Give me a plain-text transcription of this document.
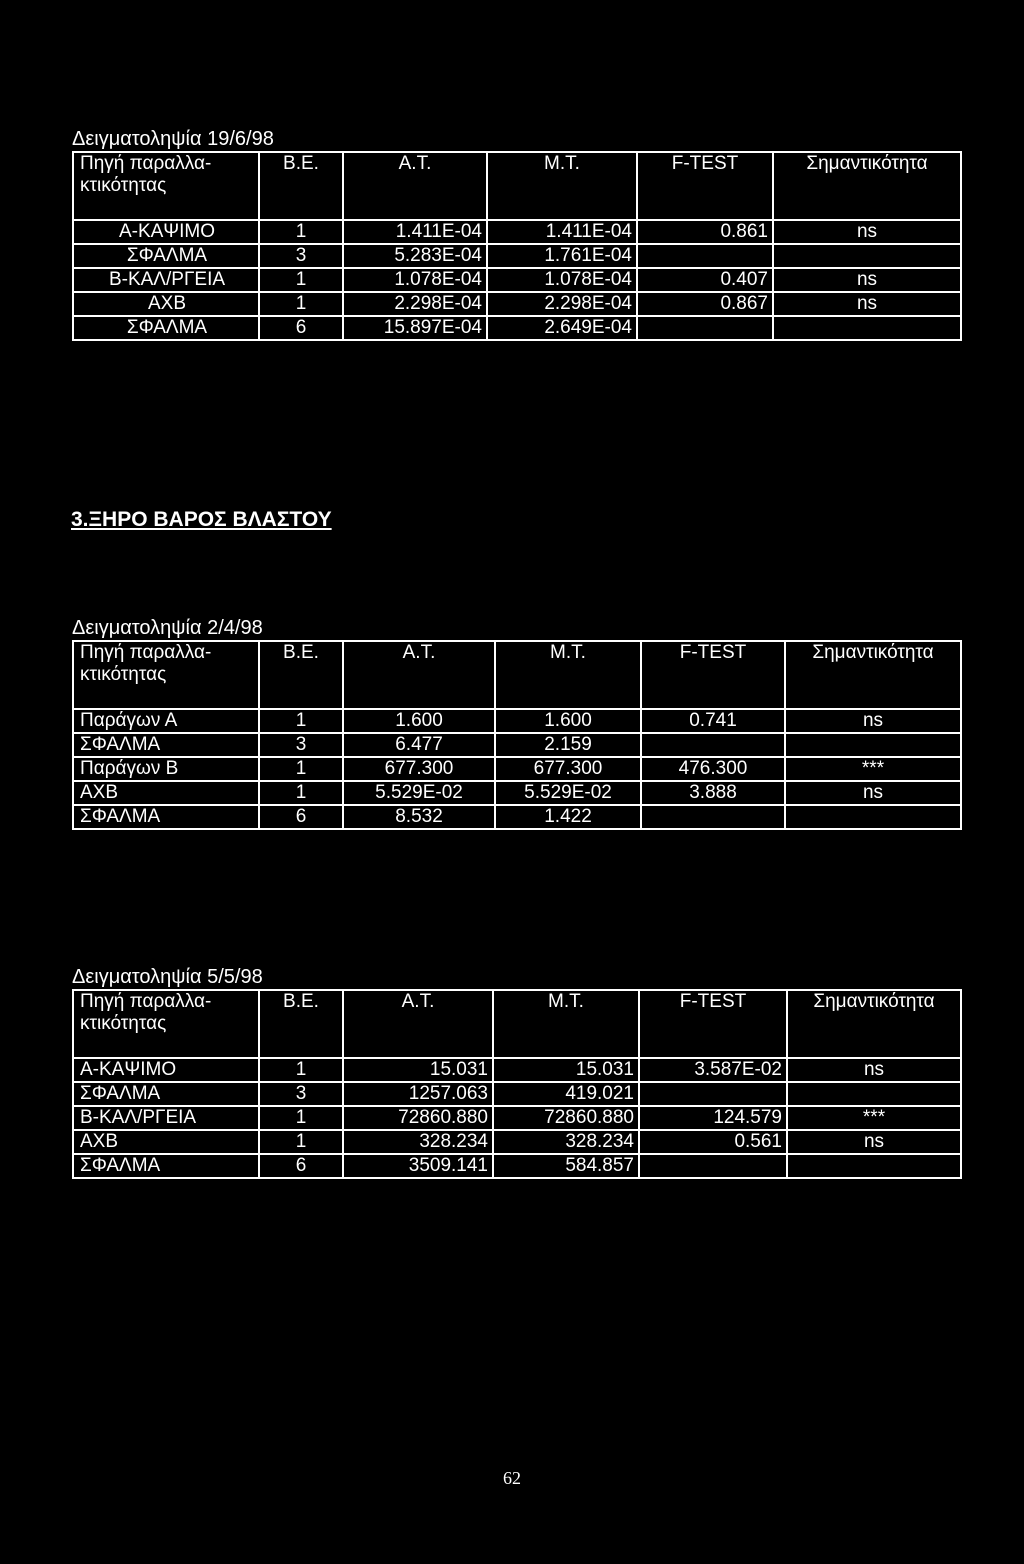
Δειγματοληψία 19/6/98
Πηγή παραλλα- κτικότητας	Β.Ε.	Α.Τ.	Μ.Τ.	F-TEST	Σημαντικότητα
Α-ΚΑΨΙΜΟ	1	1.411Ε-04	1.411Ε-04	0.861	ns
ΣΦΑΛΜΑ	3	5.283Ε-04	1.761Ε-04		
Β-ΚΑΛ/ΡΓΕΙΑ	1	1.078Ε-04	1.078Ε-04	0.407	ns
ΑΧΒ	1	2.298Ε-04	2.298Ε-04	0.867	ns
ΣΦΑΛΜΑ	6	15.897Ε-04	2.649Ε-04		
3.ΞΗΡΟ ΒΑΡΟΣ ΒΛΑΣΤΟΥ
Δειγματοληψία 2/4/98
Πηγή παραλλα- κτικότητας	Β.Ε.	Α.Τ.	Μ.Τ.	F-TEST	Σημαντικότητα
Παράγων Α	1	1.600	1.600	0.741	ns
ΣΦΑΛΜΑ	3	6.477	2.159		
Παράγων Β	1	677.300	677.300	476.300	***
ΑΧΒ	1	5.529Ε-02	5.529Ε-02	3.888	ns
ΣΦΑΛΜΑ	6	8.532	1.422		
Δειγματοληψία 5/5/98
Πηγή παραλλα- κτικότητας	Β.Ε.	Α.Τ.	Μ.Τ.	F-TEST	Σημαντικότητα
Α-ΚΑΨΙΜΟ	1	15.031	15.031	3.587Ε-02	ns
ΣΦΑΛΜΑ	3	1257.063	419.021		
Β-ΚΑΛ/ΡΓΕΙΑ	1	72860.880	72860.880	124.579	***
ΑΧΒ	1	328.234	328.234	0.561	ns
ΣΦΑΛΜΑ	6	3509.141	584.857		
62
